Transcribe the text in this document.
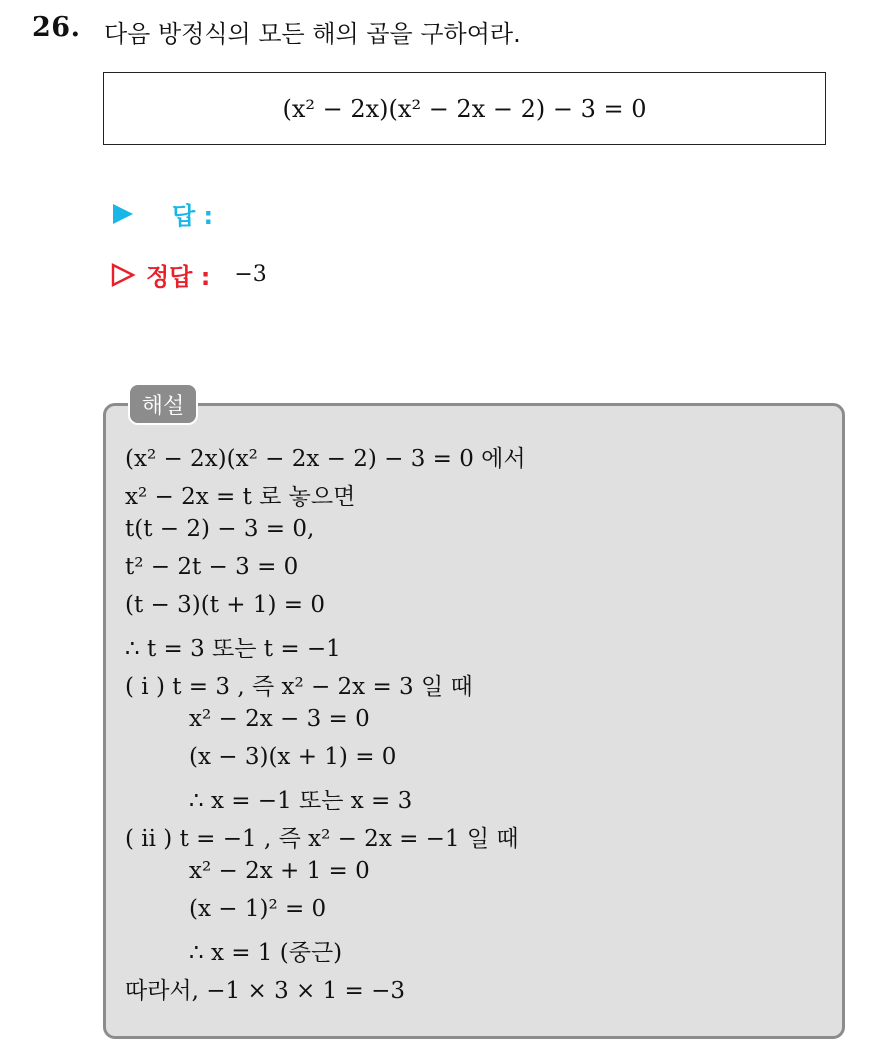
26. 다음 방정식의 모든 해의 곱을 구하여라.
(x² − 2x)(x² − 2x − 2) − 3 = 0
답 :
정답 : −3
해설
(x² − 2x)(x² − 2x − 2) − 3 = 0 에서
x² − 2x = t 로 놓으면
t(t − 2) − 3 = 0,
t² − 2t − 3 = 0
(t − 3)(t + 1) = 0
∴ t = 3 또는 t = −1
( i ) t = 3 , 즉 x² − 2x = 3 일 때
x² − 2x − 3 = 0
(x − 3)(x + 1) = 0
∴ x = −1 또는 x = 3
( ii ) t = −1 , 즉 x² − 2x = −1 일 때
x² − 2x + 1 = 0
(x − 1)² = 0
∴ x = 1 (중근)
따라서, −1 × 3 × 1 = −3
